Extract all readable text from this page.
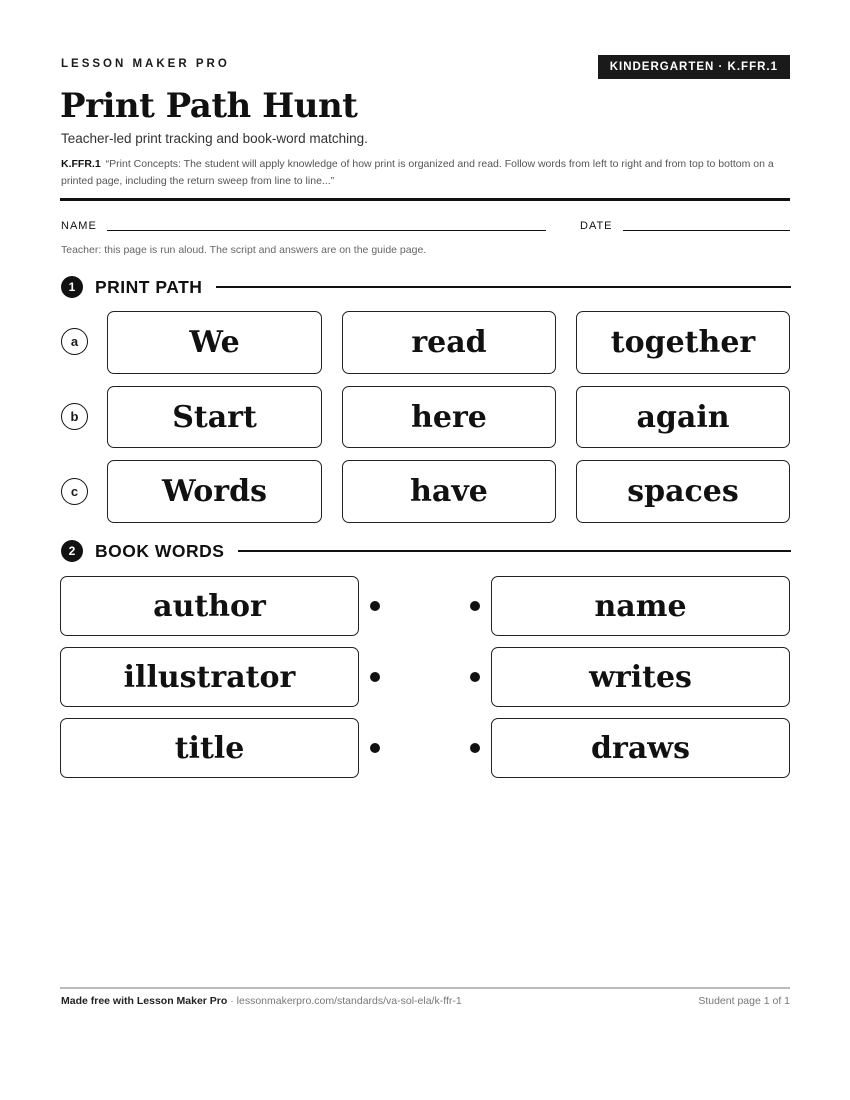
LESSON MAKER PRO	KINDERGARTEN · K.FFR.1
Print Path Hunt
Teacher-led print tracking and book-word matching.
K.FFR.1 “Print Concepts: The student will apply knowledge of how print is organized and read. Follow words from left to right and from top to bottom on a printed page, including the return sweep from line to line...”
NAME	DATE
Teacher: this page is run aloud. The script and answers are on the guide page.
1	PRINT PATH
a	We	read	together
b	Start	here	again
c	Words	have	spaces
2	BOOK WORDS
author	name
illustrator	writes
title	draws
Made free with Lesson Maker Pro · lessonmakerpro.com/standards/va-sol-ela/k-ffr-1	Student page 1 of 1
